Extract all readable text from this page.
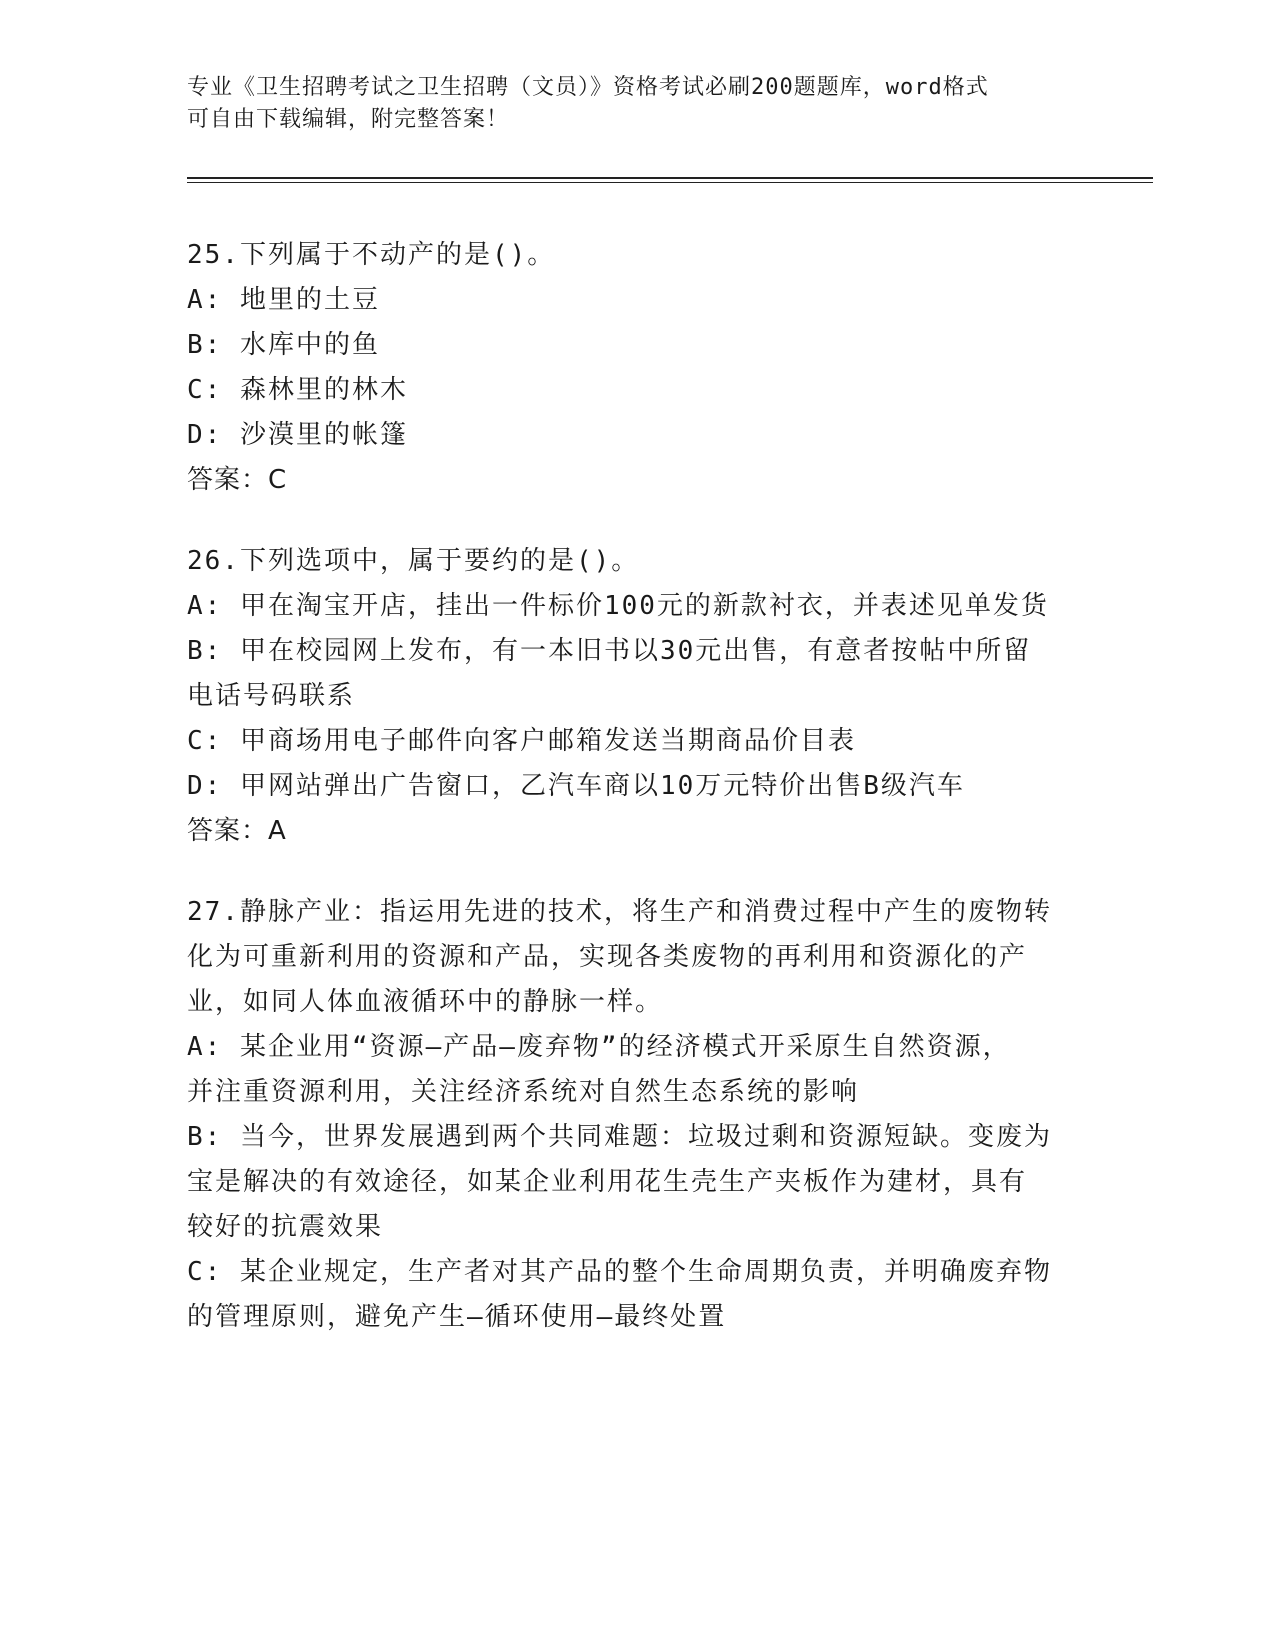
专业《卫生招聘考试之卫生招聘（文员）》资格考试必刷200题题库，word格式
可自由下载编辑，附完整答案！
25.下列属于不动产的是()。
A: 地里的土豆
B: 水库中的鱼
C: 森林里的林木
D: 沙漠里的帐篷
答案：C
26.下列选项中，属于要约的是()。
A: 甲在淘宝开店，挂出一件标价100元的新款衬衣，并表述见单发货
B: 甲在校园网上发布，有一本旧书以30元出售，有意者按帖中所留
电话号码联系
C: 甲商场用电子邮件向客户邮箱发送当期商品价目表
D: 甲网站弹出广告窗口，乙汽车商以10万元特价出售B级汽车
答案：A
27.静脉产业：指运用先进的技术，将生产和消费过程中产生的废物转
化为可重新利用的资源和产品，实现各类废物的再利用和资源化的产
业，如同人体血液循环中的静脉一样。
A: 某企业用“资源—产品—废弃物”的经济模式开采原生自然资源，
并注重资源利用，关注经济系统对自然生态系统的影响
B: 当今，世界发展遇到两个共同难题：垃圾过剩和资源短缺。变废为
宝是解决的有效途径，如某企业利用花生壳生产夹板作为建材，具有
较好的抗震效果
C: 某企业规定，生产者对其产品的整个生命周期负责，并明确废弃物
的管理原则，避免产生—循环使用—最终处置
